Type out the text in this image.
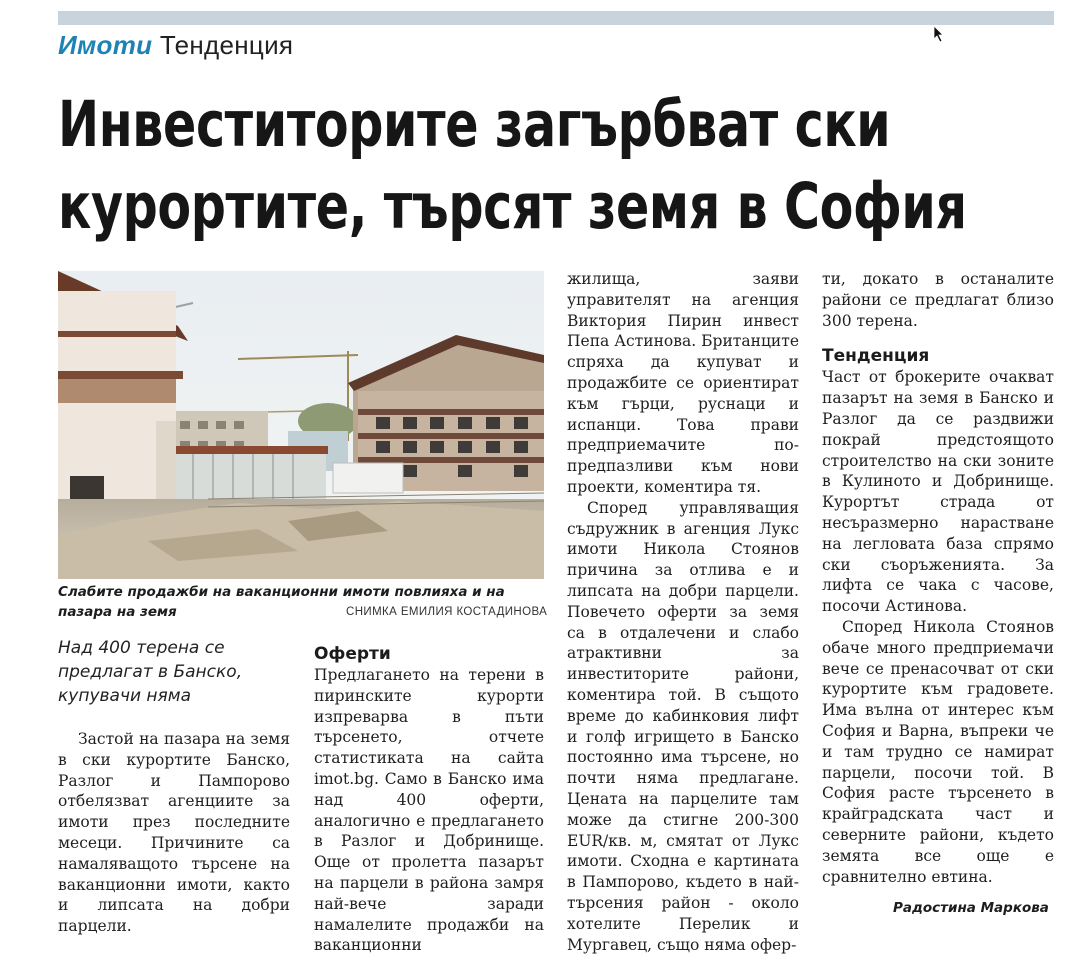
Имоти Тенденция
Инвеститорите загърбват ски
курортите, търсят земя в София
Слабите продажби на ваканционни имоти повлияха и на пазара на земя	СНИМКА ЕМИЛИЯ КОСТАДИНОВА
Над 400 терена се предлагат в Банско, купувачи няма

Застой на пазара на земя в ски курортите Банско, Разлог и Пампорово отбелязват агенциите за имоти през последните месеци. Причините са намаляващото търсене на ваканционни имоти, както и липсата на добри парцели.

Оферти

Предлагането на терени в пиринските курорти изпреварва в пъти търсенето, отчете статистиката на сайта imot.bg. Само в Банско има над 400 оферти, аналогично е предлагането в Разлог и Добринище. Още от пролетта пазарът на парцели в района замря най-вече заради намалелите продажби на ваканционни

жилища, заяви управителят на агенция Виктория Пирин инвест Пепа Астинова. Британците спряха да купуват и продажбите се ориентират към гърци, руснаци и испанци. Това прави предприемачите по-предпазливи към нови проекти, коментира тя.

Според управляващия съдружник в агенция Лукс имоти Никола Стоянов причина за отлива е и липсата на добри парцели. Повечето оферти за земя са в отдалечени и слабо атрактивни за инвеститорите райони, коментира той. В същото време до кабинковия лифт и голф игрището в Банско постоянно има търсене, но почти няма предлагане. Цената на парцелите там може да стигне 200-300 EUR/кв. м, смятат от Лукс имоти. Сходна е картината в Пампорово, където в най-търсения район - около хотелите Перелик и Мургавец, също няма офер-

ти, докато в останалите райони се предлагат близо 300 терена.

Тенденция

Част от брокерите очакват пазарът на земя в Банско и Разлог да се раздвижи покрай предстоящото строителство на ски зоните в Кулиното и Добринище. Курортът страда от несъразмерно нарастване на легловата база спрямо ски съоръженията. За лифта се чака с часове, посочи Астинова.

Според Никола Стоянов обаче много предприемачи вече се пренасочват от ски курортите към градовете. Има вълна от интерес към София и Варна, въпреки че и там трудно се намират парцели, посочи той. В София расте търсенето в крайградската част и северните райони, където земята все още е сравнително евтина.

Радостина Маркова
